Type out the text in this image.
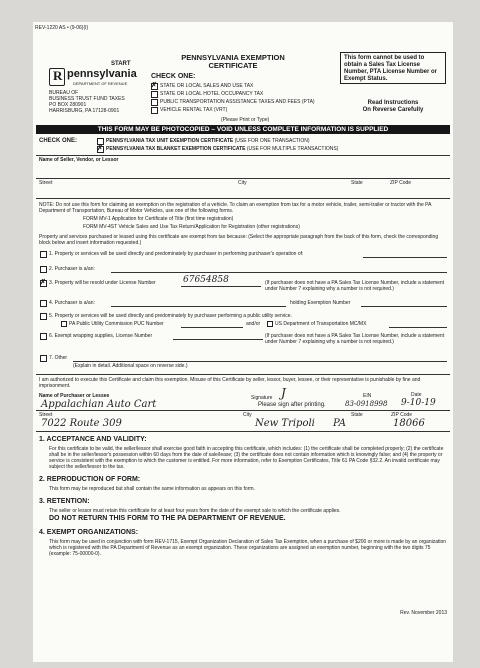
REV-1220 AS • (9-06)(I)
START
R pennsylvania
DEPARTMENT OF REVENUE
BUREAU OF
BUSINESS TRUST FUND TAXES
PO BOX 280901
HARRISBURG, PA 17128-0901
PENNSYLVANIA EXEMPTION
CERTIFICATE
CHECK ONE:
✗ STATE OR LOCAL SALES AND USE TAX
STATE OR LOCAL HOTEL OCCUPANCY TAX
PUBLIC TRANSPORTATION ASSISTANCE TAXES AND FEES (PTA)
VEHICLE RENTAL TAX (VRT)
(Please Print or Type)
This form cannot be used to obtain a Sales Tax License Number, PTA License Number or Exempt Status.
Read Instructions
On Reverse Carefully
THIS FORM MAY BE PHOTOCOPIED – VOID UNLESS COMPLETE INFORMATION IS SUPPLIED
CHECK ONE:	PENNSYLVANIA TAX UNIT EXEMPTION CERTIFICATE (USE FOR ONE TRANSACTION)
✗ PENNSYLVANIA TAX BLANKET EXEMPTION CERTIFICATE (USE FOR MULTIPLE TRANSACTIONS)
Name of Seller, Vendor, or Lessor
Street	City	State	ZIP Code
NOTE: Do not use this form for claiming an exemption on the registration of a vehicle. To claim an exemption from tax for a motor vehicle, trailer, semi-trailer or tractor with the PA Department of Transportation, Bureau of Motor Vehicles, use one of the following forms.
FORM MV-1 Application for Certificate of Title (first time registration)
FORM MV-4ST Vehicle Sales and Use Tax Return/Application for Registration (other registrations)
Property and services purchased or leased using this certificate are exempt from tax because: (Select the appropriate paragraph from the back of this form, check the corresponding block below and insert information requested.)
1. Property or services will be used directly and predominately by purchaser in performing purchaser's operation of:
2. Purchaser is a/an:
✗ 3. Property will be resold under License Number	67654858	(If purchaser does not have a PA Sales Tax License Number, include a statement under Number 7 explaining why a number is not required.)
4. Purchaser is a/an:	holding Exemption Number
5. Property or services will be used directly and predominately by purchaser performing a public utility service.
PA Public Utility Commission PUC Number	and/or	US Department of Transportation MC/MX
6. Exempt wrapping supplies, License Number	(If purchaser does not have a PA Sales Tax License Number, include a statement under Number 7 explaining why a number is not required.)
7. Other
(Explain in detail. Additional space on reverse side.)
I am authorized to execute this Certificate and claim this exemption. Misuse of this Certificate by seller, lessor, buyer, lessee, or their representative is punishable by fine and imprisonment.
Name of Purchaser or Lessee
Appalachian Auto Cart
Signature J
Please sign after printing.
EIN
83-0918998
Date
9-10-19
Street
7022 Route 309
City
New Tripoli
State
PA
ZIP Code
18066
1. ACCEPTANCE AND VALIDITY:
For this certificate to be valid, the seller/lessor shall exercise good faith in accepting this certificate, which includes: (1) the certificate shall be completed properly; (2) the certificate shall be in the seller/lessor's possession within 60 days from the date of sale/lease; (3) the certificate does not contain information which is knowingly false; and (4) the property or service is consistent with the exemption to which the customer is entitled. For more information, refer to Exemption Certificates, Title 61 PA Code §32.2. An invalid certificate may subject the seller/lessor to the tax.
2. REPRODUCTION OF FORM:
This form may be reproduced but shall contain the same information as appears on this form.
3. RETENTION:
The seller or lessor must retain this certificate for at least four years from the date of the exempt sale to which the certificate applies.
DO NOT RETURN THIS FORM TO THE PA DEPARTMENT OF REVENUE.
4. EXEMPT ORGANIZATIONS:
This form may be used in conjunction with form REV-1715, Exempt Organization Declaration of Sales Tax Exemption, when a purchase of $200 or more is made by an organization which is registered with the PA Department of Revenue as an exempt organization. These organizations are assigned an exemption number, beginning with the two digits 75 (example: 75-00000-0).
Rev. November 2013
